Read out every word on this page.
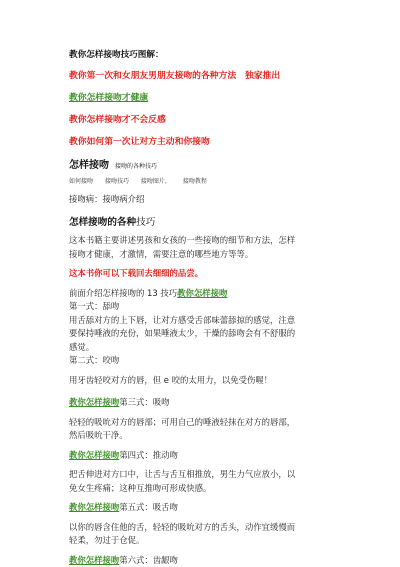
教你怎样接吻技巧图解：
教你第一次和女朋友男朋友接吻的各种方法　独家推出
教你怎样接吻才健康
教你怎样接吻才不会反感
教你如何第一次让对方主动和你接吻
怎样接吻 接吻的各种技巧
如何接吻 接吻技巧 接吻图片， 接吻教程
接吻病：接吻病介绍
怎样接吻的各种技巧
这本书籍主要讲述男孩和女孩的一些接吻的细节和方法，怎样
接吻才健康，才激情，需要注意的哪些地方等等。
这本书你可以下载回去细细的品尝。
前面介绍怎样接吻的 13 技巧教你怎样接吻
第一式：舔吻
用舌舔对方的上下唇，让对方感受舌部味蕾舔掠的感觉，注意
要保持唾液的充份，如果唾液太少，干燥的舔吻会有不舒服的
感觉。
第二式：咬吻
用牙齿轻咬对方的唇，但 e 咬的太用力，以免受伤喔！
教你怎样接吻第三式：吸吻
轻轻的吸吮对方的唇部；可用自己的唾液轻抹在对方的唇部，
然后吸吮干净。
教你怎样接吻第四式：推动吻
把舌伸进对方口中，让舌与舌互相推放，男生力气应放小，以
免女生疼痛；这种互推吻可形成快感。
教你怎样接吻第五式：吸舌吻
以你的唇含住他的舌，轻轻的吸吮对方的舌头，动作宜缓慢而
轻柔，勿过于仓促。
教你怎样接吻第六式：齿龈吻
